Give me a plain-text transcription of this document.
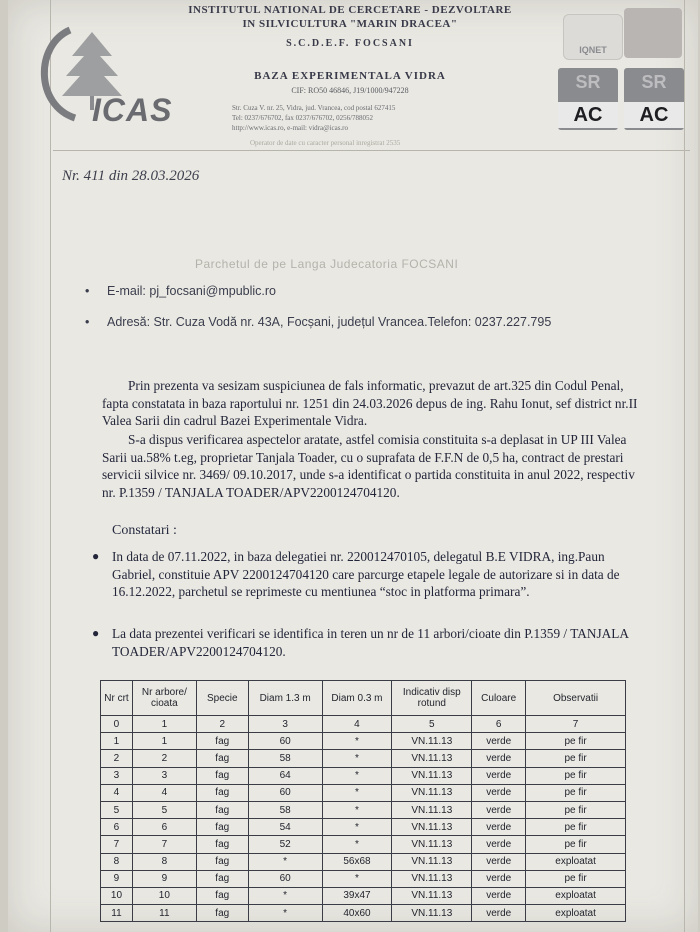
ICAS
INSTITUTUL NATIONAL DE CERCETARE - DEZVOLTARE
IN SILVICULTURA "MARIN DRACEA"
S.C.D.E.F. FOCSANI
BAZA EXPERIMENTALA VIDRA
CIF: RO50 46846, J19/1000/947228
Str. Cuza V. nr. 25, Vidra, jud. Vrancea, cod postal 627415
Tel: 0237/676702, fax 0237/676702, 0256/788052
http://www.icas.ro, e-mail: vidra@icas.ro
Operator de date cu caracter personal inregistrat 2535
IQNET
SR
AC
SR
AC
Nr. 411 din 28.03.2026
Parchetul de pe Langa Judecatoria FOCSANI
• E-mail: pj_focsani@mpublic.ro
• Adresă: Str. Cuza Vodă nr. 43A, Focșani, județul Vrancea.Telefon: 0237.227.795
Prin prezenta va sesizam suspiciunea de fals informatic, prevazut de art.325 din Codul Penal, fapta constatata in baza raportului nr. 1251 din 24.03.2026 depus de ing. Rahu Ionut, sef district nr.II Valea Sarii din cadrul Bazei Experimentale Vidra.
S-a dispus verificarea aspectelor aratate, astfel comisia constituita s-a deplasat in UP III Valea Sarii ua.58% t.eg, proprietar Tanjala Toader, cu o suprafata de F.F.N de 0,5 ha, contract de prestari servicii silvice nr. 3469/ 09.10.2017, unde s-a identificat o partida constituita in anul 2022, respectiv nr. P.1359 / TANJALA TOADER/APV2200124704120.
Constatari :
● In data de 07.11.2022, in baza delegatiei nr. 220012470105, delegatul B.E VIDRA, ing.Paun Gabriel, constituie APV 2200124704120 care parcurge etapele legale de autorizare si in data de 16.12.2022, parchetul se reprimeste cu mentiunea “stoc in platforma primara”.
● La data prezentei verificari se identifica in teren un nr de 11 arbori/cioate din P.1359 / TANJALA TOADER/APV2200124704120.
Nr crt	Nr arbore/ cioata	Specie	Diam 1.3 m	Diam 0.3 m	Indicativ disp rotund	Culoare	Observatii
0	1	2	3	4	5	6	7
1	1	fag	60	*	VN.11.13	verde	pe fir
2	2	fag	58	*	VN.11.13	verde	pe fir
3	3	fag	64	*	VN.11.13	verde	pe fir
4	4	fag	60	*	VN.11.13	verde	pe fir
5	5	fag	58	*	VN.11.13	verde	pe fir
6	6	fag	54	*	VN.11.13	verde	pe fir
7	7	fag	52	*	VN.11.13	verde	pe fir
8	8	fag	*	56x68	VN.11.13	verde	exploatat
9	9	fag	60	*	VN.11.13	verde	pe fir
10	10	fag	*	39x47	VN.11.13	verde	exploatat
11	11	fag	*	40x60	VN.11.13	verde	exploatat
